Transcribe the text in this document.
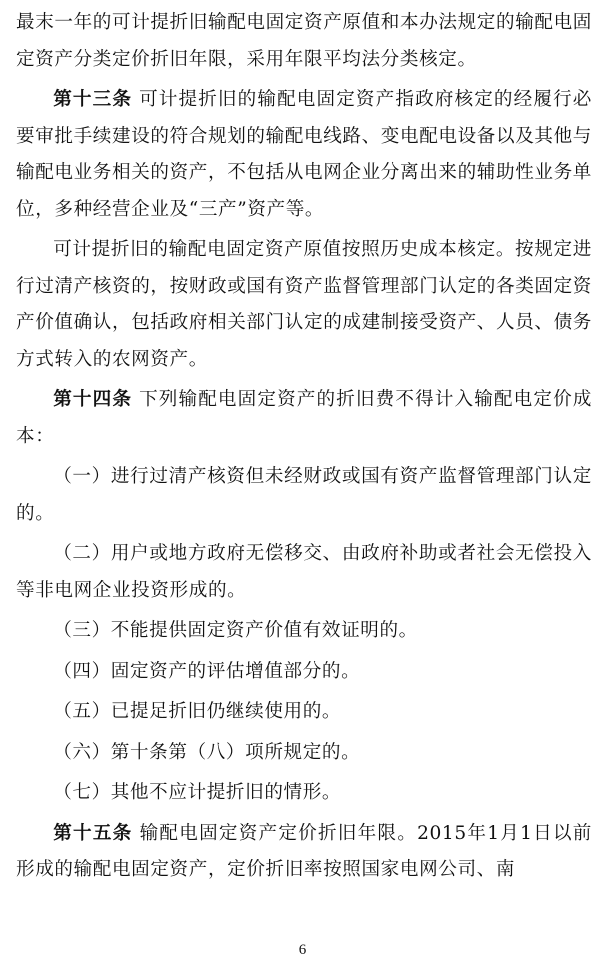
最末一年的可计提折旧输配电固定资产原值和本办法规定的输配电固定资产分类定价折旧年限，采用年限平均法分类核定。

第十三条 可计提折旧的输配电固定资产指政府核定的经履行必要审批手续建设的符合规划的输配电线路、变电配电设备以及其他与输配电业务相关的资产，不包括从电网企业分离出来的辅助性业务单位，多种经营企业及“三产”资产等。

可计提折旧的输配电固定资产原值按照历史成本核定。按规定进行过清产核资的，按财政或国有资产监督管理部门认定的各类固定资产价值确认，包括政府相关部门认定的成建制接受资产、人员、债务方式转入的农网资产。

第十四条 下列输配电固定资产的折旧费不得计入输配电定价成本：

（一）进行过清产核资但未经财政或国有资产监督管理部门认定的。

（二）用户或地方政府无偿移交、由政府补助或者社会无偿投入等非电网企业投资形成的。

（三）不能提供固定资产价值有效证明的。

（四）固定资产的评估增值部分的。

（五）已提足折旧仍继续使用的。

（六）第十条第（八）项所规定的。

（七）其他不应计提折旧的情形。

第十五条 输配电固定资产定价折旧年限。2015年1月1日以前形成的输配电固定资产，定价折旧率按照国家电网公司、南

6
